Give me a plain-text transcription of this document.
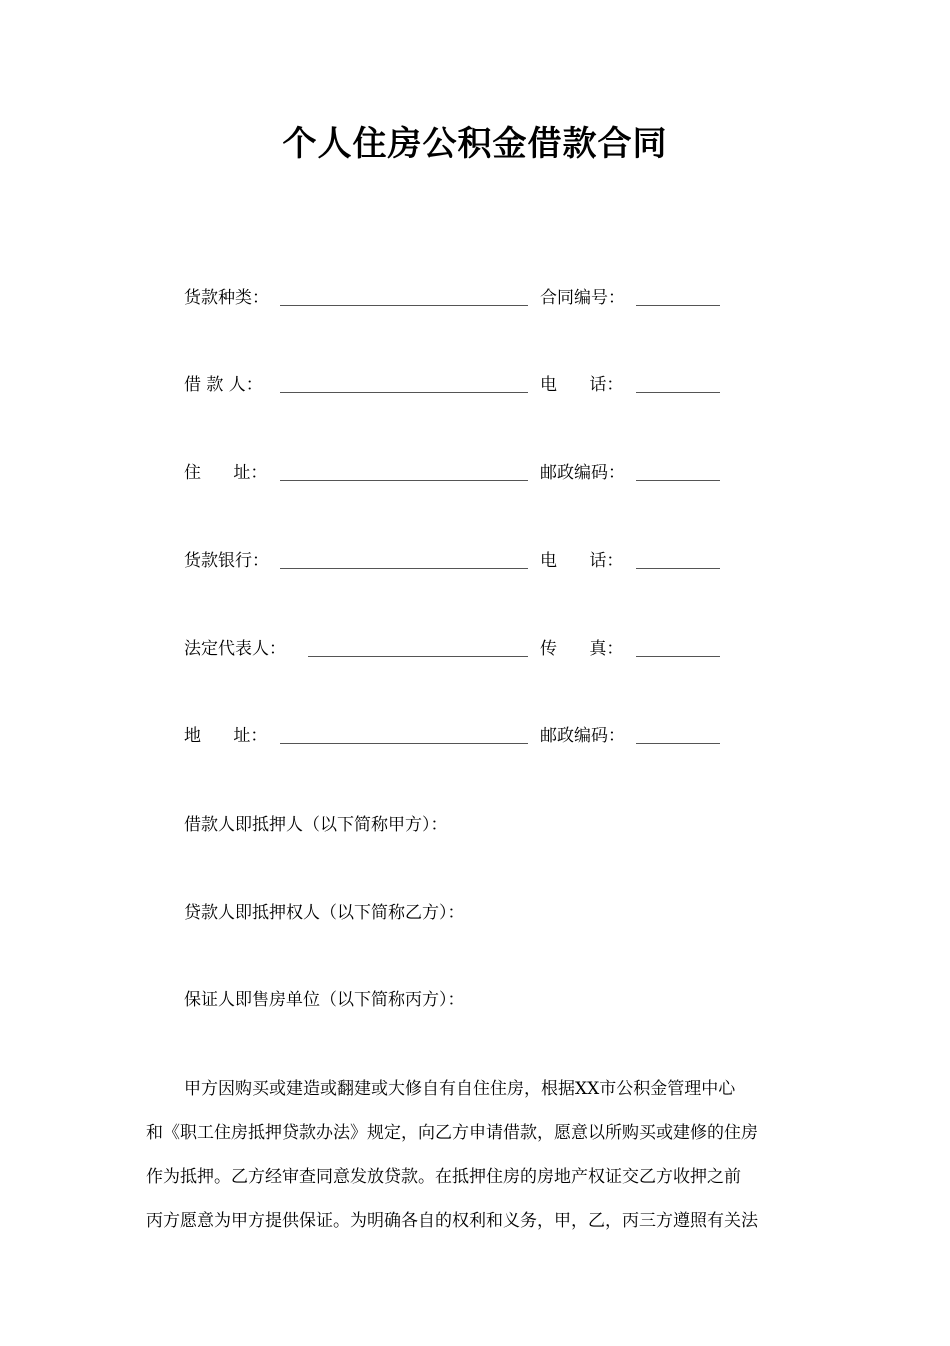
个人住房公积金借款合同
货款种类：	合同编号：
借 款 人：	电      话：
住      址：	邮政编码：
货款银行：	电      话：
法定代表人：	传      真：
地      址：	邮政编码：
借款人即抵押人（以下简称甲方）：
贷款人即抵押权人（以下简称乙方）：
保证人即售房单位（以下简称丙方）：
甲方因购买或建造或翻建或大修自有自住住房，根据XX市公积金管理中心
和《职工住房抵押贷款办法》规定，向乙方申请借款，愿意以所购买或建修的住房
作为抵押。乙方经审查同意发放贷款。在抵押住房的房地产权证交乙方收押之前
丙方愿意为甲方提供保证。为明确各自的权利和义务，甲，乙，丙三方遵照有关法
